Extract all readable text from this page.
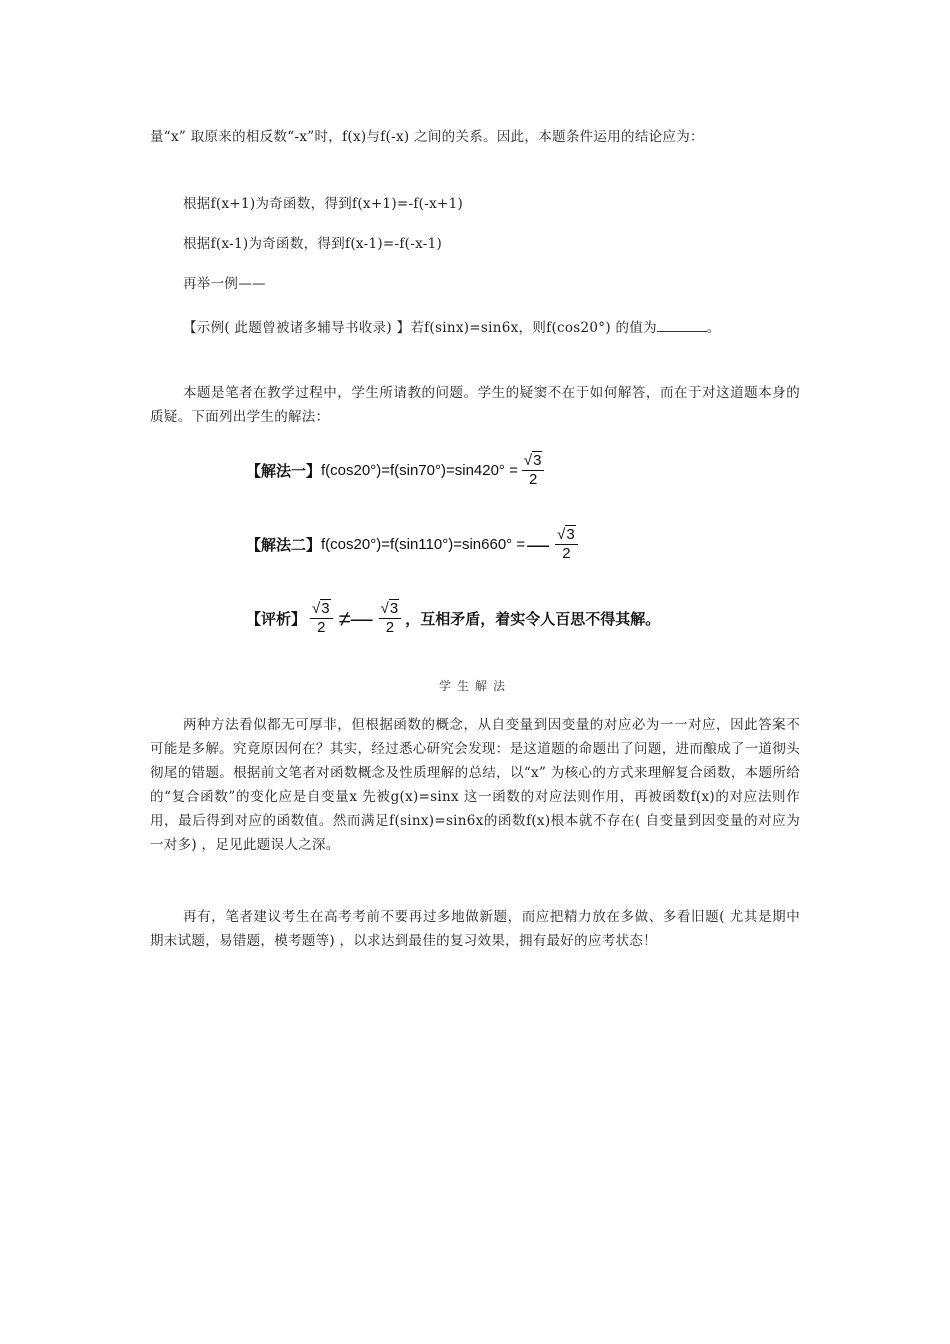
量“x” 取原来的相反数“-x”时，f(x)与f(-x) 之间的关系。因此，本题条件运用的结论应为：

根据f(x+1)为奇函数，得到f(x+1)=-f(-x+1)

根据f(x-1)为奇函数，得到f(x-1)=-f(-x-1)

再举一例——

【示例( 此题曾被诸多辅导书收录) 】若f(sinx)=sin6x，则f(cos20°) 的值为	。

本题是笔者在教学过程中，学生所请教的问题。学生的疑窦不在于如何解答，而在于对这道题本身的质疑。下面列出学生的解法：

【解法一】 $f(\cos 20^\circ)=f(\sin 70^\circ)=\sin 420^\circ = \frac{√3}{2}$
【解法二】 f(cos20°)=f(sin110°)=sin660° = — $\frac{√3}{2}$
【评析】 $\frac{√3}{2}$ ≠— $\frac{√3}{2}$ ，互相矛盾，着实令人百思不得其解。
学生解法

两种方法看似都无可厚非，但根据函数的概念，从自变量到因变量的对应必为一一对应，因此答案不可能是多解。究竟原因何在？其实，经过悉心研究会发现：是这道题的命题出了问题，进而酿成了一道彻头彻尾的错题。根据前文笔者对函数概念及性质理解的总结，以“x” 为核心的方式来理解复合函数，本题所给的“复合函数”的变化应是自变量x 先被g(x)=sinx 这一函数的对应法则作用，再被函数f(x)的对应法则作用，最后得到对应的函数值。然而满足f(sinx)=sin6x的函数f(x)根本就不存在( 自变量到因变量的对应为一对多) ，足见此题误人之深。

再有，笔者建议考生在高考考前不要再过多地做新题，而应把精力放在多做、多看旧题( 尤其是期中期末试题，易错题，模考题等) ，以求达到最佳的复习效果，拥有最好的应考状态！
